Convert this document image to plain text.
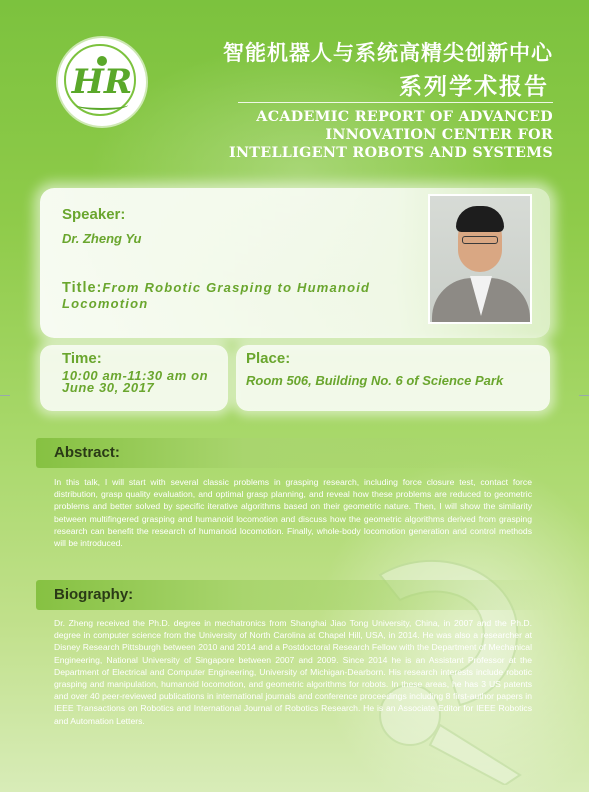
HR
智能机器人与系统高精尖创新中心
系列学术报告
ACADEMIC REPORT OF ADVANCED INNOVATION CENTER FOR INTELLIGENT ROBOTS AND SYSTEMS
Speaker:
Dr. Zheng Yu
Title:From Robotic Grasping to Humanoid Locomotion
Time:
10:00 am-11:30 am on June 30, 2017
Place:
Room 506, Building No. 6 of Science Park
Abstract:
In this talk, I will start with several classic problems in grasping research, including force closure test, contact force distribution, grasp quality evaluation, and optimal grasp planning, and reveal how these problems are reduced to geometric problems and better solved by specific iterative algorithms based on their geometric nature. Then, I will show the similarity between multifingered grasping and humanoid locomotion and discuss how the geometric algorithms derived from grasping research can benefit the research of humanoid locomotion. Finally, whole-body locomotion generation and control methods will be introduced.
Biography:
Dr. Zheng received the Ph.D. degree in mechatronics from Shanghai Jiao Tong University, China, in 2007 and the Ph.D. degree in computer science from the University of North Carolina at Chapel Hill, USA, in 2014. He was also a researcher at Disney Research Pittsburgh between 2010 and 2014 and a Postdoctoral Research Fellow with the Department of Mechanical Engineering, National University of Singapore between 2007 and 2009. Since 2014 he is an Assistant Professor at the Department of Electrical and Computer Engineering, University of Michigan-Dearborn. His research interests include robotic grasping and manipulation, humanoid locomotion, and geometric algorithms for robots. In these areas, he has 3 US patents and over 40 peer-reviewed publications in international journals and conference proceedings including 8 first-author papers in IEEE Transactions on Robotics and International Journal of Robotics Research. He is an Associate Editor for IEEE Robotics and Automation Letters.
